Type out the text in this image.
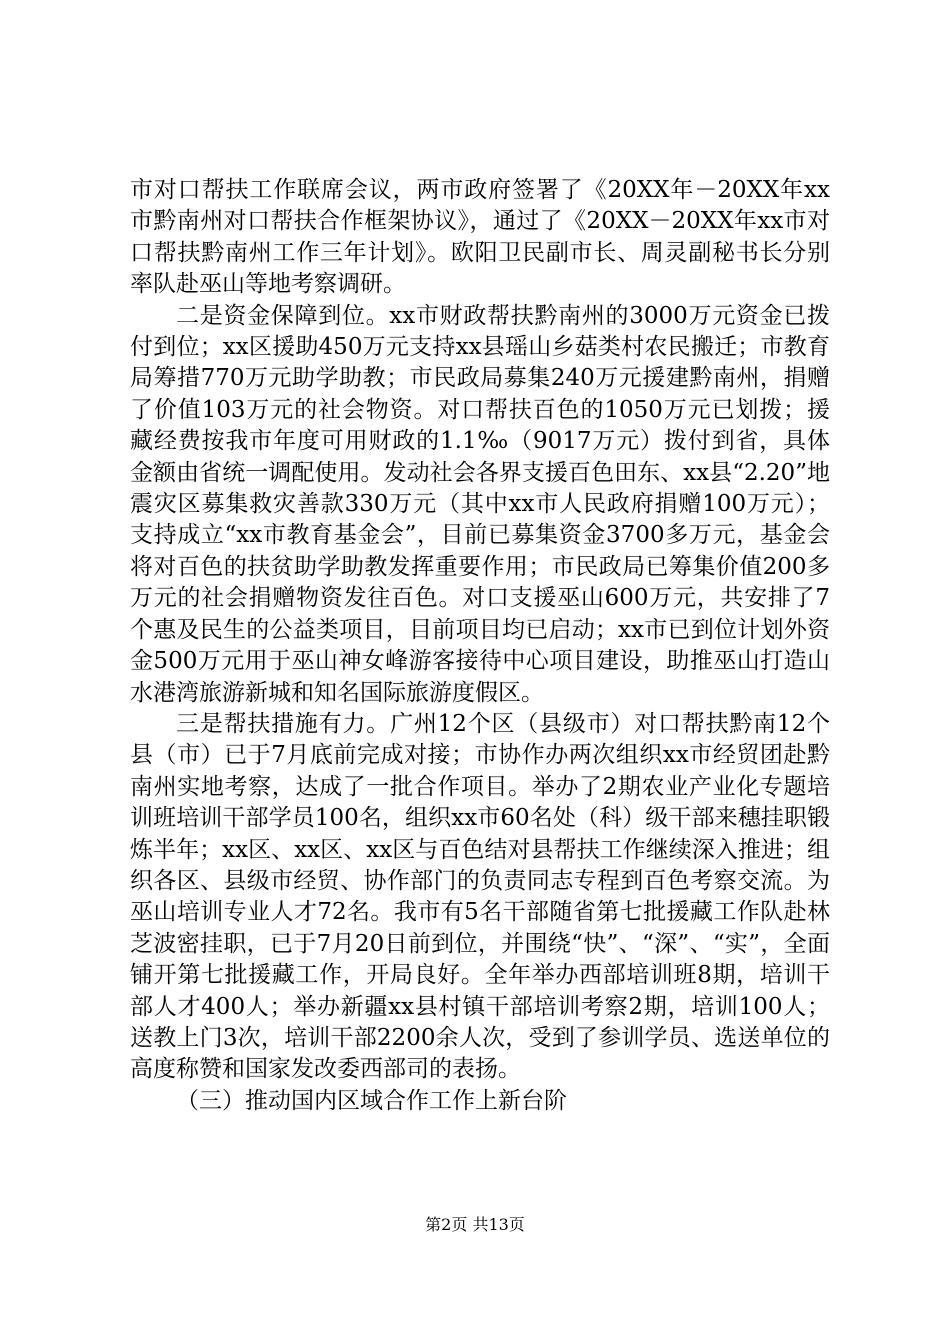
市对口帮扶工作联席会议，两市政府签署了《20XX年－20XX年xx市黔南州对口帮扶合作框架协议》，通过了《20XX－20XX年xx市对口帮扶黔南州工作三年计划》。欧阳卫民副市长、周灵副秘书长分别率队赴巫山等地考察调研。

二是资金保障到位。xx市财政帮扶黔南州的3000万元资金已拨付到位；xx区援助450万元支持xx县瑶山乡菇类村农民搬迁；市教育局筹措770万元助学助教；市民政局募集240万元援建黔南州，捐赠了价值103万元的社会物资。对口帮扶百色的1050万元已划拨；援藏经费按我市年度可用财政的1.1‰（9017万元）拨付到省，具体金额由省统一调配使用。发动社会各界支援百色田东、xx县“2.20”地震灾区募集救灾善款330万元（其中xx市人民政府捐赠100万元）；支持成立“xx市教育基金会”，目前已募集资金3700多万元，基金会将对百色的扶贫助学助教发挥重要作用；市民政局已筹集价值200多万元的社会捐赠物资发往百色。对口支援巫山600万元，共安排了7个惠及民生的公益类项目，目前项目均已启动；xx市已到位计划外资金500万元用于巫山神女峰游客接待中心项目建设，助推巫山打造山水港湾旅游新城和知名国际旅游度假区。

三是帮扶措施有力。广州12个区（县级市）对口帮扶黔南12个县（市）已于7月底前完成对接；市协作办两次组织xx市经贸团赴黔南州实地考察，达成了一批合作项目。举办了2期农业产业化专题培训班培训干部学员100名，组织xx市60名处（科）级干部来穗挂职锻炼半年；xx区、xx区、xx区与百色结对县帮扶工作继续深入推进；组织各区、县级市经贸、协作部门的负责同志专程到百色考察交流。为巫山培训专业人才72名。我市有5名干部随省第七批援藏工作队赴林芝波密挂职，已于7月20日前到位，并围绕“快”、“深”、“实”，全面铺开第七批援藏工作，开局良好。全年举办西部培训班8期，培训干部人才400人；举办新疆xx县村镇干部培训考察2期，培训100人；送教上门3次，培训干部2200余人次，受到了参训学员、选送单位的高度称赞和国家发改委西部司的表扬。

（三）推动国内区域合作工作上新台阶

第2页 共13页
